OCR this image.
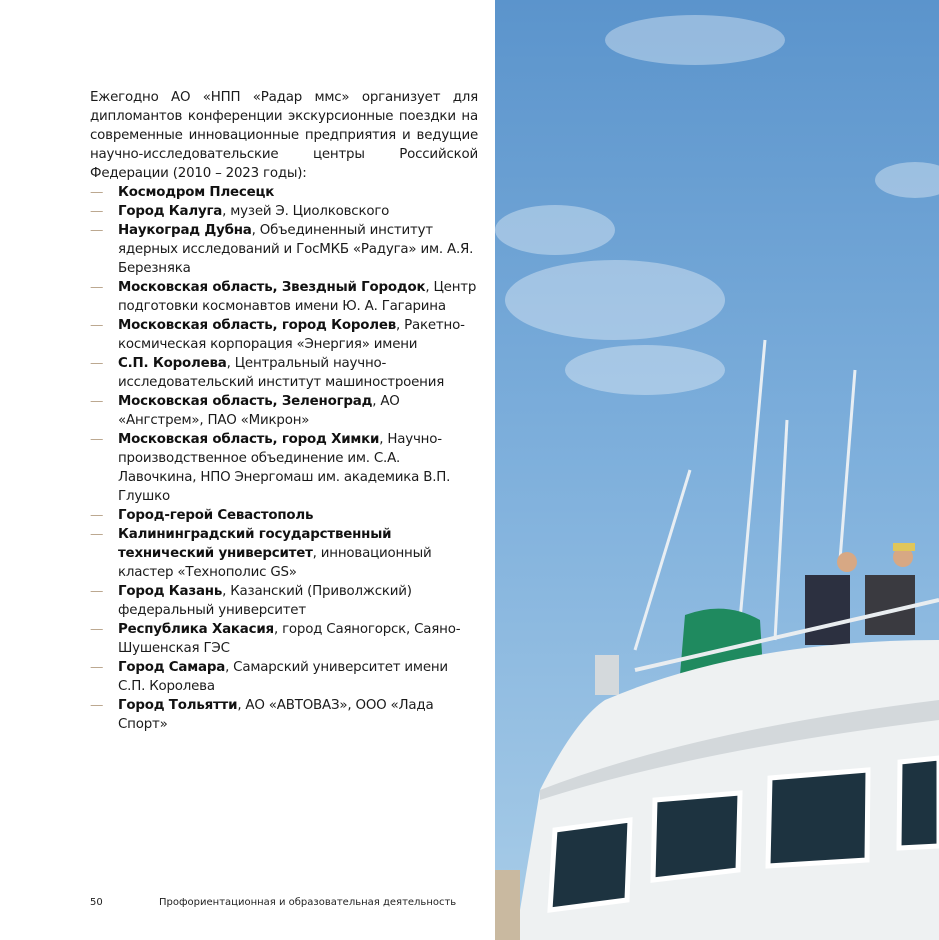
Ежегодно АО «НПП «Радар ммс» организует для дипломантов конференции экскурсионные поездки на современные инновационные предприятия и ведущие научно-исследовательские центры Российской Федерации (2010 – 2023 годы):

— Космодром Плесецк
— Город Калуга, музей Э. Циолковского
— Наукоград Дубна, Объединенный институт ядерных исследований и ГосМКБ «Радуга» им. А.Я. Березняка
— Московская область, Звездный Городок, Центр подготовки космонавтов имени Ю. А. Гагарина
— Московская область, город Королев, Ракетно-космическая корпорация «Энергия» имени
— С.П. Королева, Центральный научно-исследовательский институт машиностроения
— Московская область, Зеленоград, АО «Ангстрем», ПАО «Микрон»
— Московская область, город Химки, Научно-производственное объединение им. С.А. Лавочкина, НПО Энергомаш им. академика В.П. Глушко
— Город-герой Севастополь
— Калининградский государственный технический университет, инновационный кластер «Технополис GS»
— Город Казань, Казанский (Приволжский) федеральный университет
— Республика Хакасия, город Саяногорск, Саяно-Шушенская ГЭС
— Город Самара, Самарский университет имени С.П. Королева
— Город Тольятти, АО «АВТОВАЗ», ООО «Лада Спорт»
50	Профориентационная и образовательная деятельность
